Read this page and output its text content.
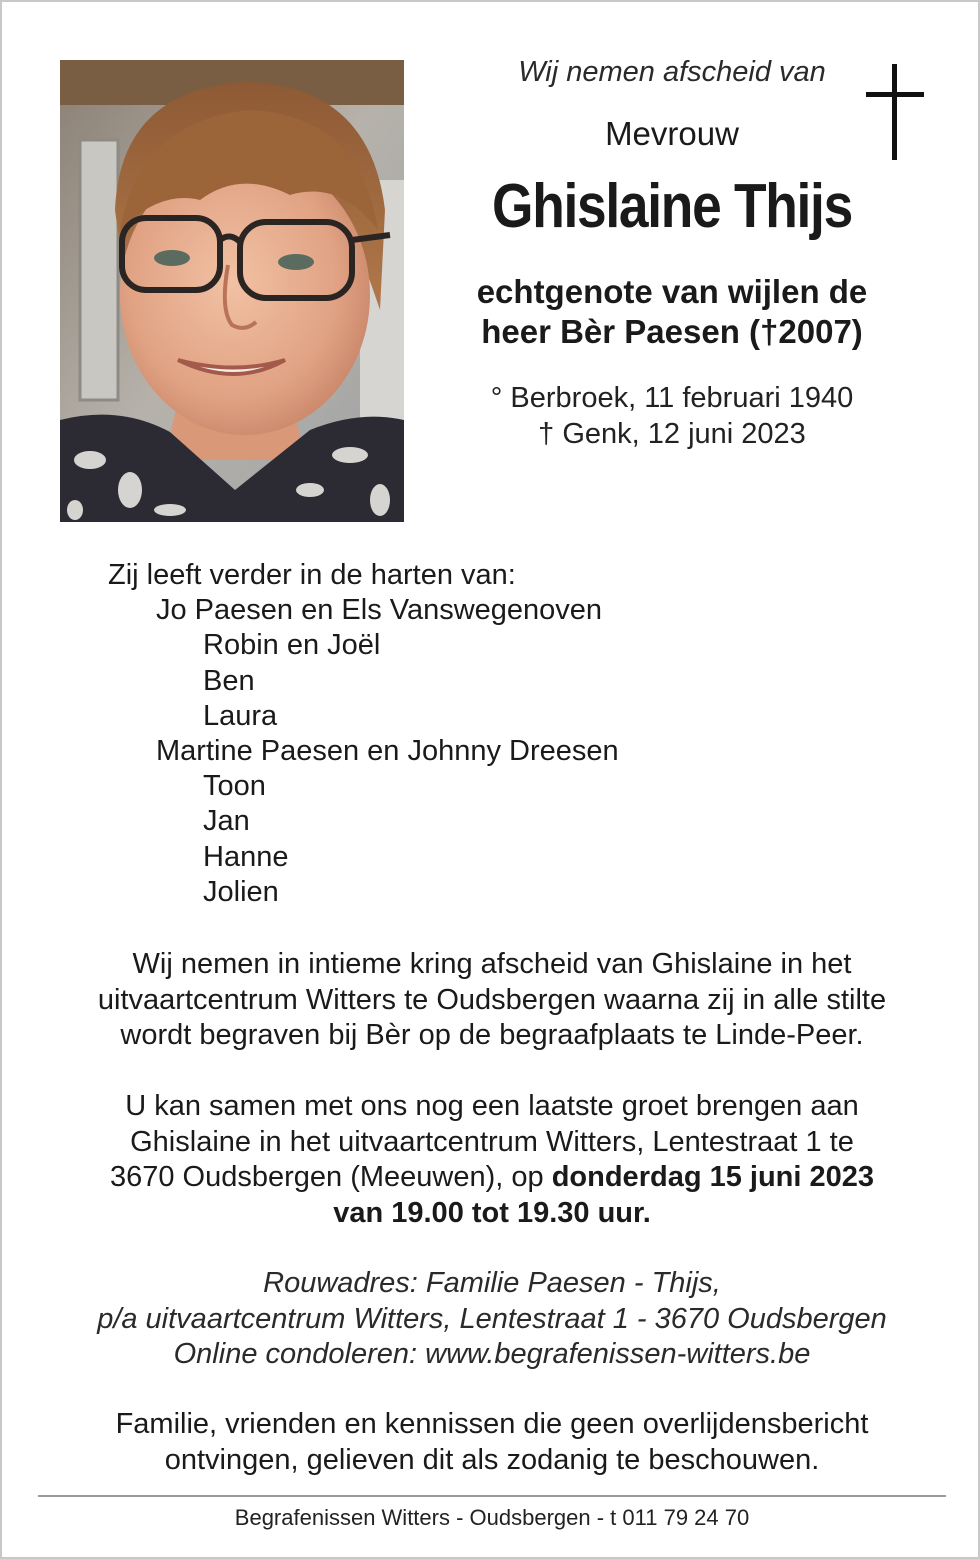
Wij nemen afscheid van
Mevrouw
Ghislaine Thijs
echtgenote van wijlen de
heer Bèr Paesen (†2007)
° Berbroek, 11 februari 1940
† Genk, 12 juni 2023
Zij leeft verder in de harten van:
Jo Paesen en Els Vanswegenoven
Robin en Joël
Ben
Laura
Martine Paesen en Johnny Dreesen
Toon
Jan
Hanne
Jolien
Wij nemen in intieme kring afscheid van Ghislaine in het
uitvaartcentrum Witters te Oudsbergen waarna zij in alle stilte
wordt begraven bij Bèr op de begraafplaats te Linde-Peer.
U kan samen met ons nog een laatste groet brengen aan
Ghislaine in het uitvaartcentrum Witters, Lentestraat 1 te
3670 Oudsbergen (Meeuwen), op donderdag 15 juni 2023
van 19.00 tot 19.30 uur.
Rouwadres: Familie Paesen - Thijs,
p/a uitvaartcentrum Witters, Lentestraat 1 - 3670 Oudsbergen
Online condoleren: www.begrafenissen-witters.be
Familie, vrienden en kennissen die geen overlijdensbericht
ontvingen, gelieven dit als zodanig te beschouwen.
Begrafenissen Witters - Oudsbergen - t 011 79 24 70
